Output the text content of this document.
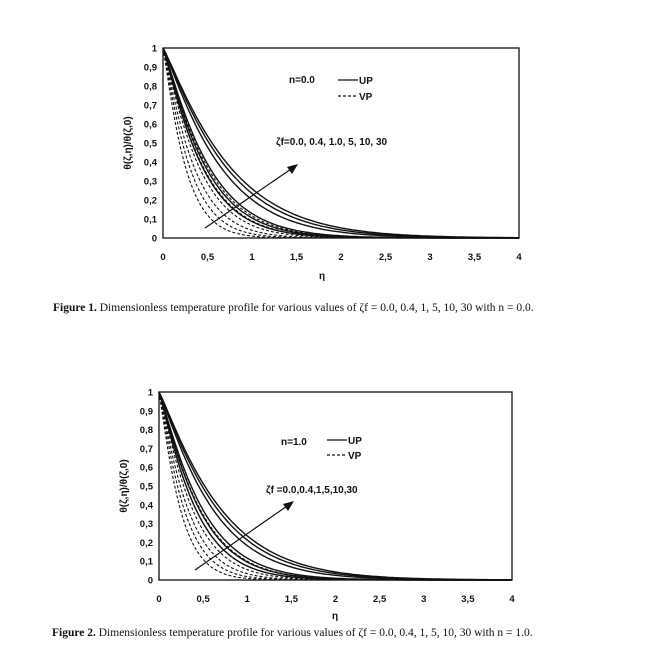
0
0,1
0,2
0,3
0,4
0,5
0,6
0,7
0,8
0,9
1
0	0,5	1	1,5	2	2,5	3	3,5	4
η
θ(ζ,η)/θ(ζ,0)
n=0.0	UP
VP
ζf=0.0, 0.4, 1.0, 5, 10, 30
Figure 1. Dimensionless temperature profile for various values of ζf = 0.0, 0.4, 1, 5, 10, 30 with n = 0.0.
0
0,1
0,2
0,3
0,4
0,5
0,6
0,7
0,8
0,9
1
0	0,5	1	1,5	2	2,5	3	3,5	4
η
θ(ζ,η)/θ(ζ,0)
n=1.0	UP
VP
ζf =0.0,0.4,1,5,10,30
Figure 2. Dimensionless temperature profile for various values of ζf = 0.0, 0.4, 1, 5, 10, 30 with n = 1.0.
